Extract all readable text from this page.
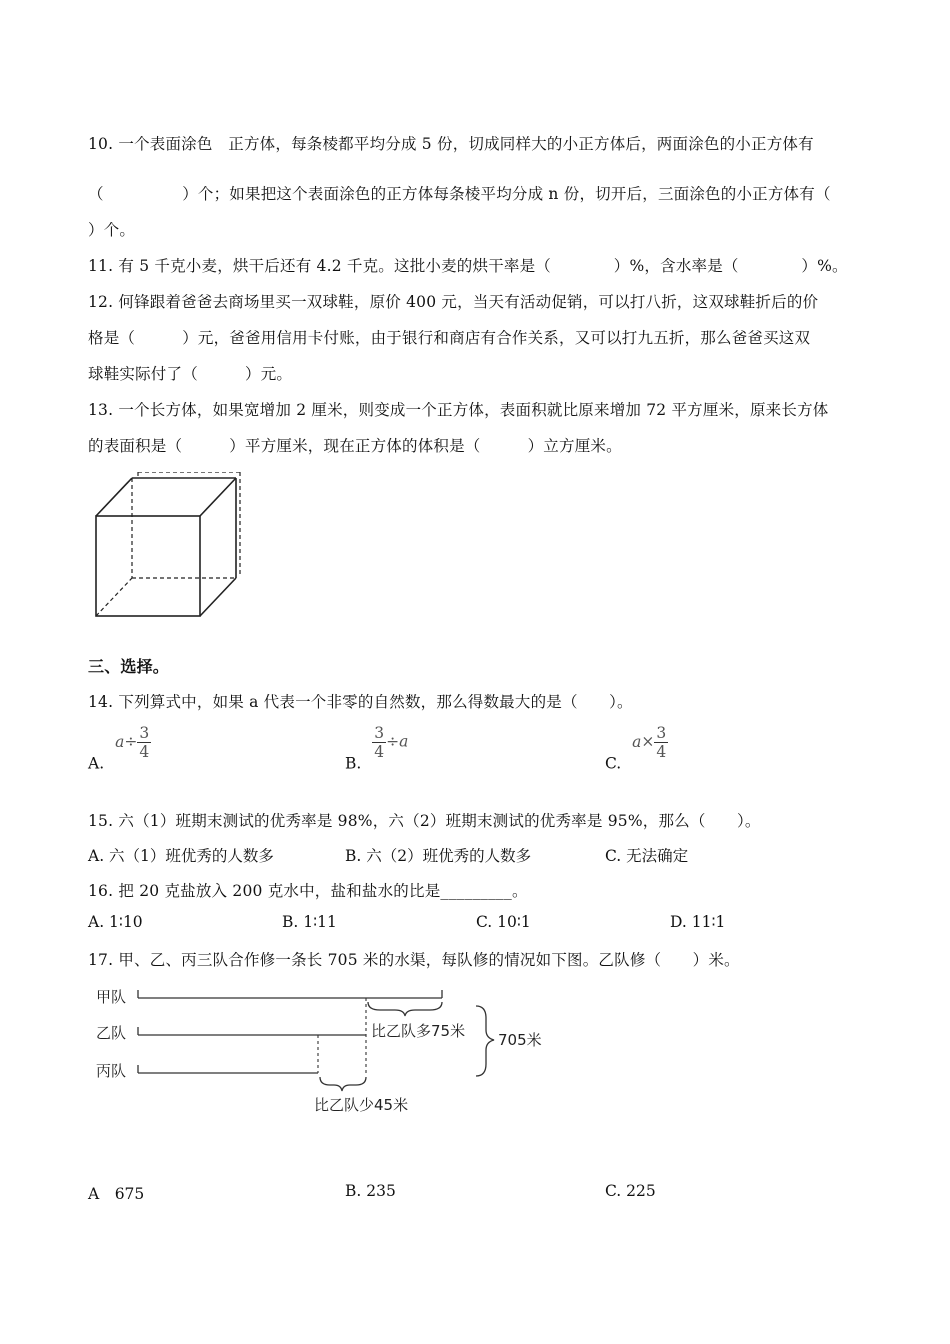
10. 一个表面涂色　正方体，每条棱都平均分成 5 份，切成同样大的小正方体后，两面涂色的小正方体有
（　　　　　）个；如果把这个表面涂色的正方体每条棱平均分成 n 份，切开后，三面涂色的小正方体有（
）个。
11. 有 5 千克小麦，烘干后还有 4.2 千克。这批小麦的烘干率是（　　　　）%，含水率是（　　　　）%。
12. 何锋跟着爸爸去商场里买一双球鞋，原价 400 元，当天有活动促销，可以打八折，这双球鞋折后的价
格是（　　　）元，爸爸用信用卡付账，由于银行和商店有合作关系，又可以打九五折，那么爸爸买这双
球鞋实际付了（　　　）元。
13. 一个长方体，如果宽增加 2 厘米，则变成一个正方体，表面积就比原来增加 72 平方厘米，原来长方体
的表面积是（　　　）平方厘米，现在正方体的体积是（　　　）立方厘米。
三、选择。
14. 下列算式中，如果 a 代表一个非零的自然数，那么得数最大的是（　　）。
A. $a\div \frac{3}{4}$
B.
$\frac{3}{4} \div a$
C. $a\times \frac{3}{4}$
15. 六（1）班期末测试的优秀率是 98%，六（2）班期末测试的优秀率是 95%，那么（　　）。
A. 六（1）班优秀的人数多	B. 六（2）班优秀的人数多	C. 无法确定
16. 把 20 克盐放入 200 克水中，盐和盐水的比是_________。
A. 1∶10	B. 1∶11	C. 10∶1	D. 11∶1
17. 甲、乙、丙三队合作修一条长 705 米的水渠，每队修的情况如下图。乙队修（　　）米。
甲队
乙队
丙队
比乙队多75米
比乙队少45米
705米
A　675	B. 235	C. 225
